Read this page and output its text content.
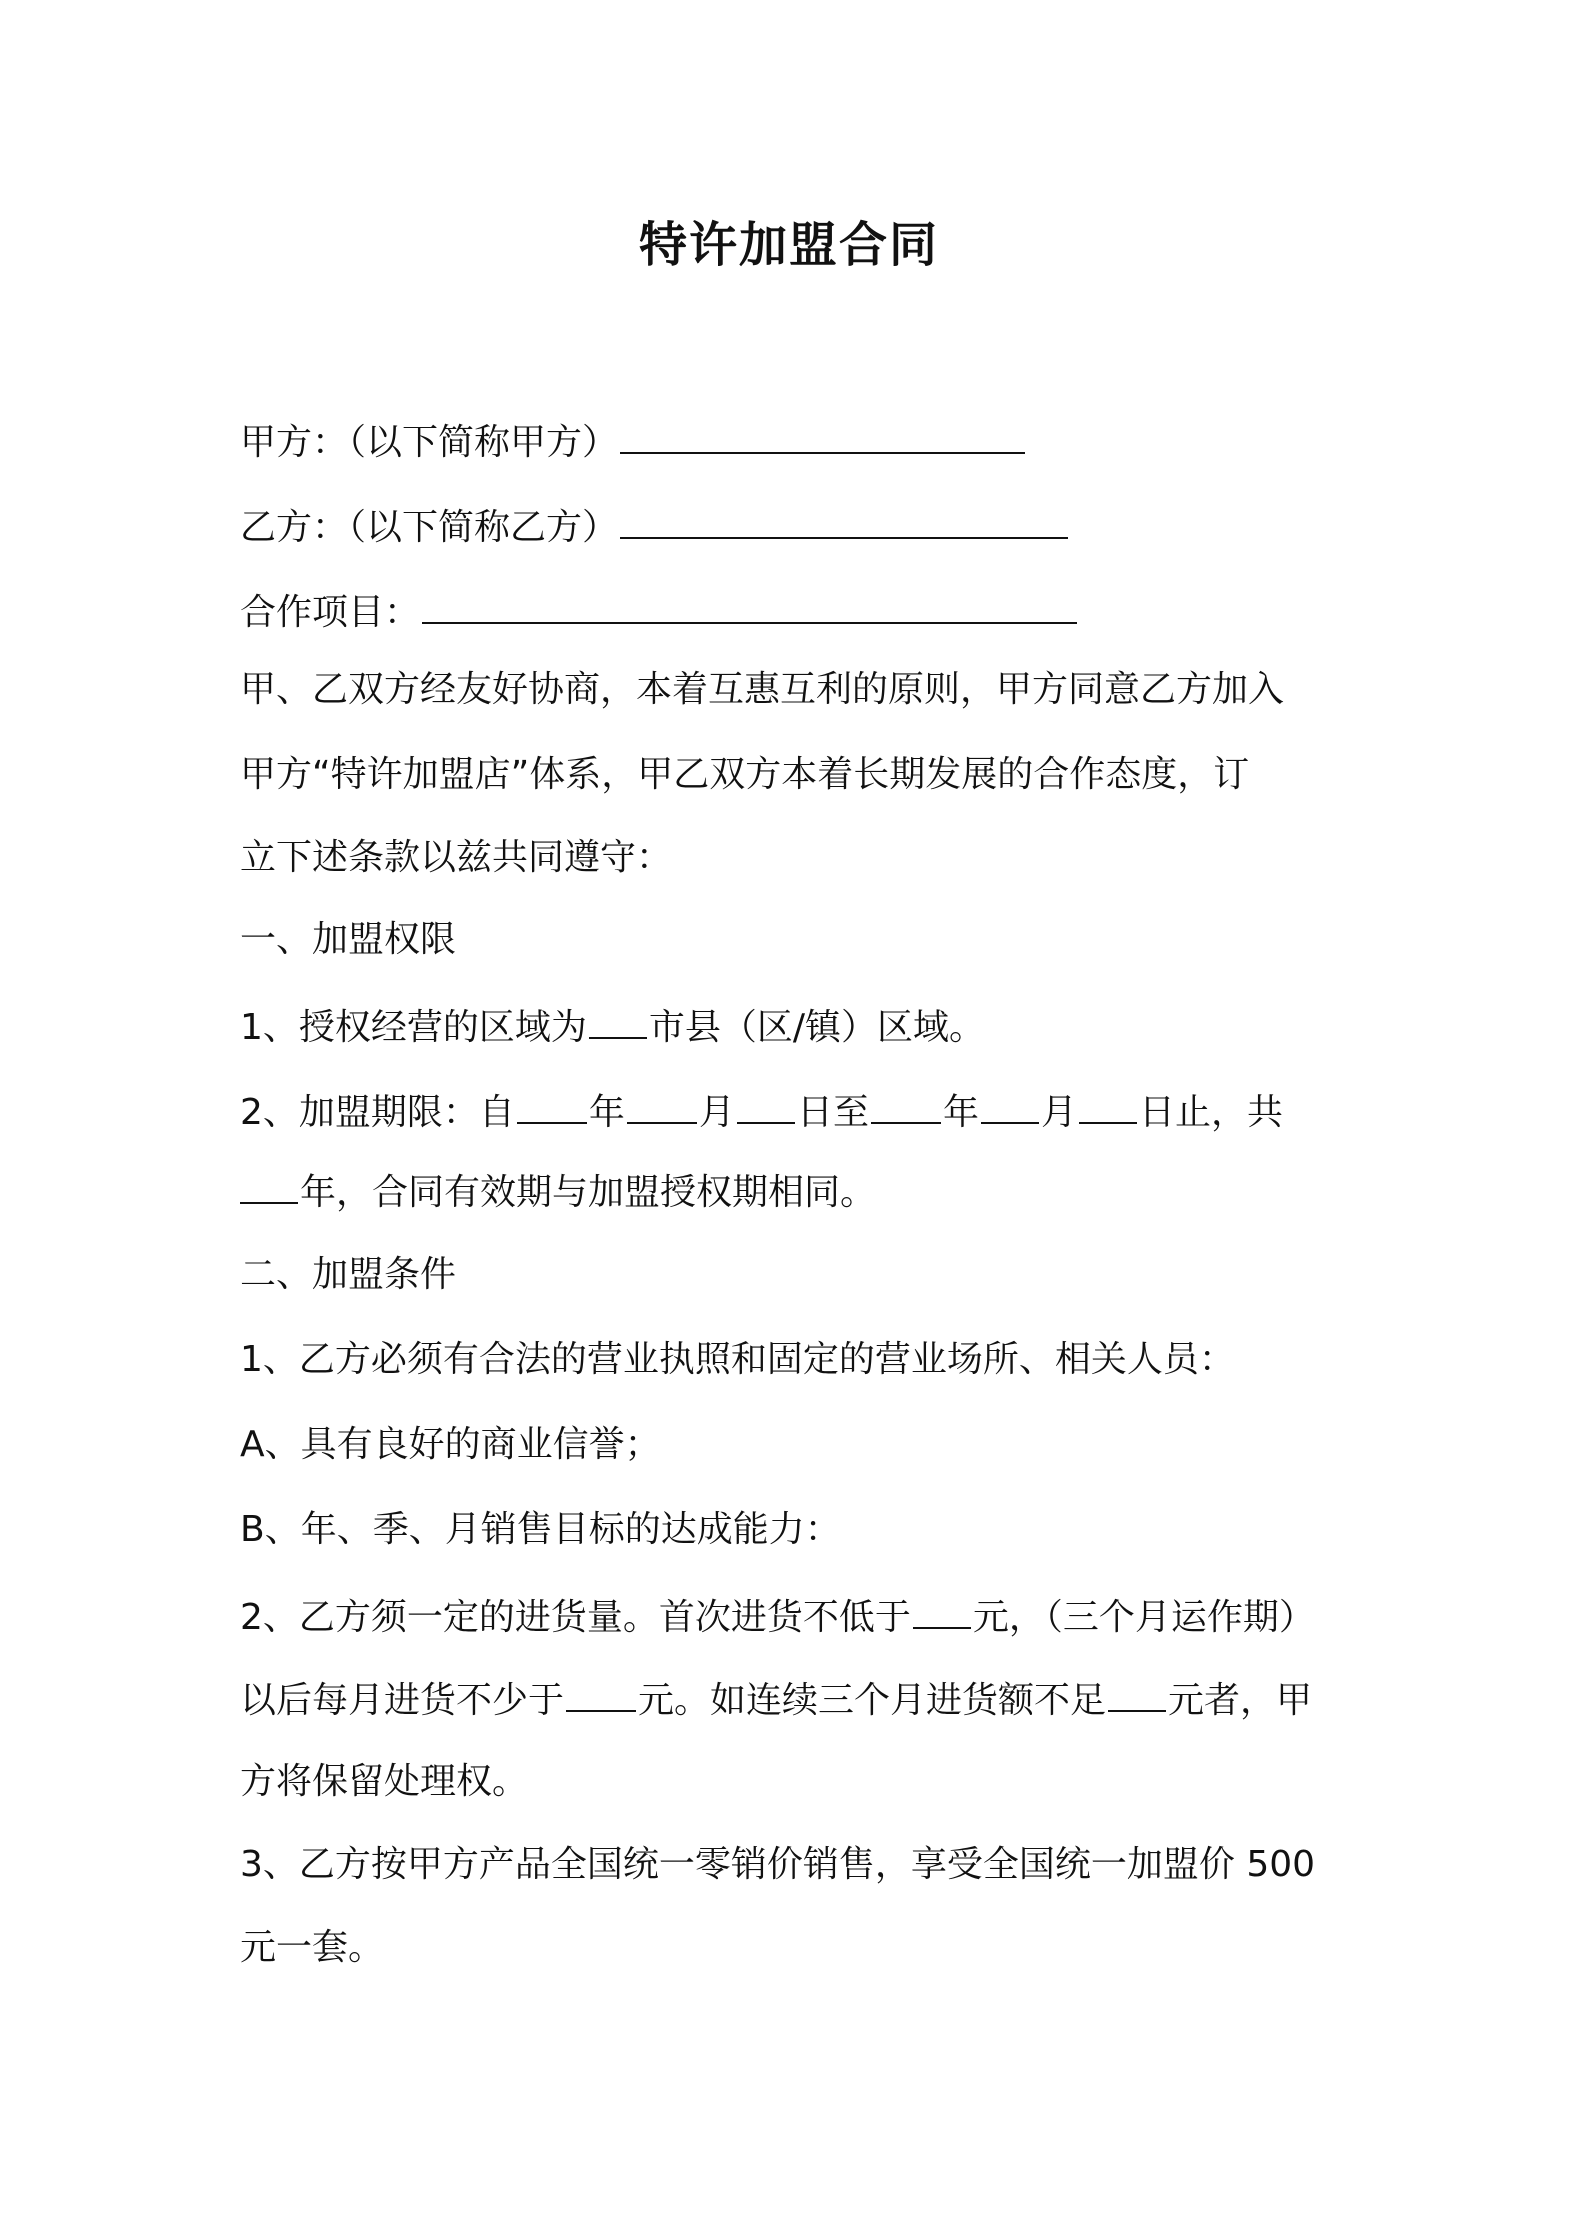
特许加盟合同
甲方：（以下简称甲方）
乙方：（以下简称乙方）
合作项目：
甲、乙双方经友好协商，本着互惠互利的原则，甲方同意乙方加入
甲方“特许加盟店”体系，甲乙双方本着长期发展的合作态度，订
立下述条款以兹共同遵守：
一、加盟权限
1、授权经营的区域为 市县（区/镇）区域。
2、加盟期限：自 年 月 日至 年 月 日止，共
年，合同有效期与加盟授权期相同。
二、加盟条件
1、乙方必须有合法的营业执照和固定的营业场所、相关人员：
A、具有良好的商业信誉；
B、年、季、月销售目标的达成能力：
2、乙方须一定的进货量。首次进货不低于 元，（三个月运作期）
以后每月进货不少于 元。如连续三个月进货额不足 元者，甲
方将保留处理权。
3、乙方按甲方产品全国统一零销价销售，享受全国统一加盟价 500
元一套。
